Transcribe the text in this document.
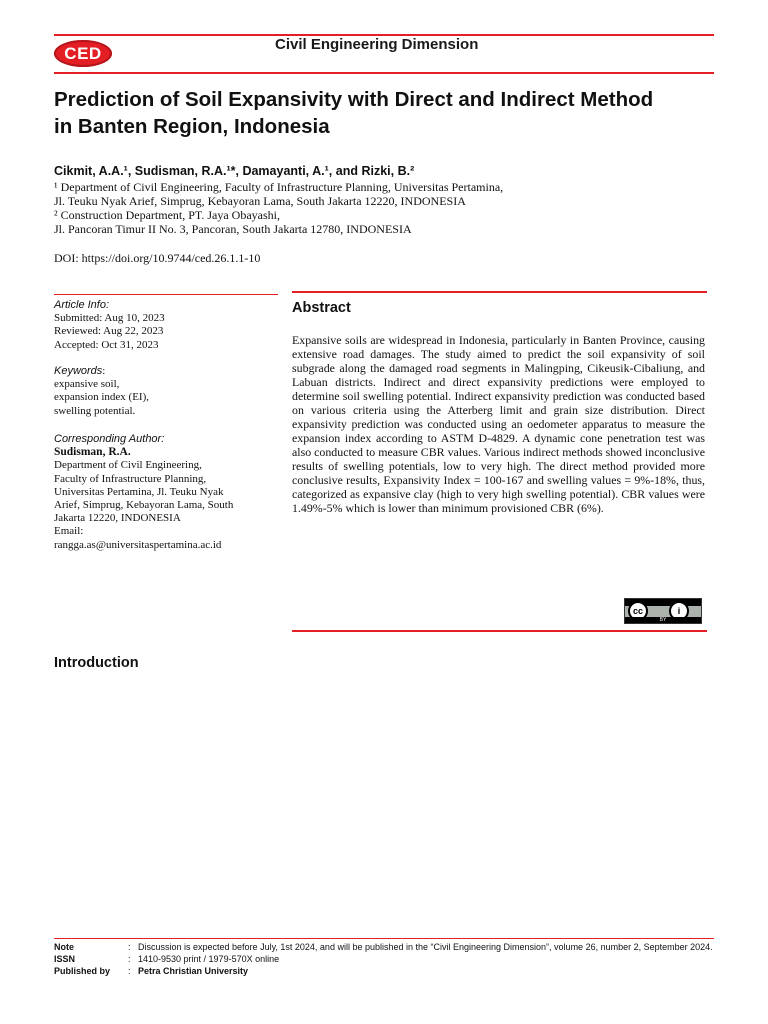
CED	Civil Engineering Dimension
Prediction of Soil Expansivity with Direct and Indirect Method
in Banten Region, Indonesia
Cikmit, A.A.¹, Sudisman, R.A.¹*, Damayanti, A.¹, and Rizki, B.²
¹ Department of Civil Engineering, Faculty of Infrastructure Planning, Universitas Pertamina,
Jl. Teuku Nyak Arief, Simprug, Kebayoran Lama, South Jakarta 12220, INDONESIA
² Construction Department, PT. Jaya Obayashi,
Jl. Pancoran Timur II No. 3, Pancoran, South Jakarta 12780, INDONESIA
DOI: https://doi.org/10.9744/ced.26.1.1-10
Article Info:
Submitted: Aug 10, 2023
Reviewed: Aug 22, 2023
Accepted: Oct 31, 2023
Keywords:
expansive soil,
expansion index (EI),
swelling potential.
Corresponding Author:
Sudisman, R.A.
Department of Civil Engineering,
Faculty of Infrastructure Planning,
Universitas Pertamina, Jl. Teuku Nyak
Arief, Simprug, Kebayoran Lama, South
Jakarta 12220, INDONESIA
Email:
rangga.as@universitaspertamina.ac.id
Abstract
Expansive soils are widespread in Indonesia, particularly in Banten Province, causing extensive road damages. The study aimed to predict the soil expansivity of soil subgrade along the damaged road segments in Malingping, Cikeusik-Cibaliung, and Labuan districts. Indirect and direct expansivity predictions were employed to determine soil swelling potential. Indirect expansivity prediction was conducted based on various criteria using the Atterberg limit and grain size distribution. Direct expansivity prediction was conducted using an oedometer apparatus to measure the expansion index according to ASTM D-4829. A dynamic cone penetration test was also conducted to measure CBR values. Various indirect methods showed inconclusive results of swelling potentials, low to very high. The direct method provided more conclusive results, Expansivity Index = 100-167 and swelling values = 9%-18%, thus, categorized as expansive clay (high to very high swelling potential). CBR values were 1.49%-5% which is lower than minimum provisioned CBR (6%).
cc	i
BY
Introduction
Note	: Discussion is expected before July, 1st 2024, and will be published in the “Civil Engineering Dimension”, volume 26, number 2, September 2024.
ISSN	: 1410-9530 print / 1979-570X online
Published by	: Petra Christian University
